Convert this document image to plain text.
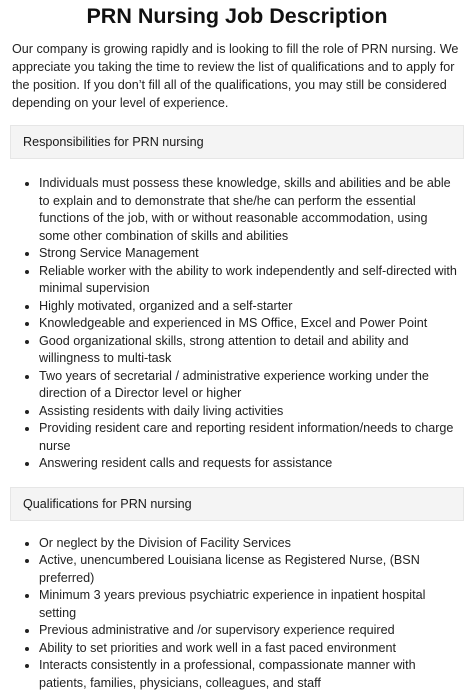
PRN Nursing Job Description

Our company is growing rapidly and is looking to fill the role of PRN nursing. We appreciate you taking the time to review the list of qualifications and to apply for the position. If you don’t fill all of the qualifications, you may still be considered depending on your level of experience.

Responsibilities for PRN nursing
Individuals must possess these knowledge, skills and abilities and be able to explain and to demonstrate that she/he can perform the essential functions of the job, with or without reasonable accommodation, using some other combination of skills and abilities
Strong Service Management
Reliable worker with the ability to work independently and self-directed with minimal supervision
Highly motivated, organized and a self-starter
Knowledgeable and experienced in MS Office, Excel and Power Point
Good organizational skills, strong attention to detail and ability and willingness to multi-task
Two years of secretarial / administrative experience working under the direction of a Director level or higher
Assisting residents with daily living activities
Providing resident care and reporting resident information/needs to charge nurse
Answering resident calls and requests for assistance
Qualifications for PRN nursing
Or neglect by the Division of Facility Services
Active, unencumbered Louisiana license as Registered Nurse, (BSN preferred)
Minimum 3 years previous psychiatric experience in inpatient hospital setting
Previous administrative and /or supervisory experience required
Ability to set priorities and work well in a fast paced environment
Interacts consistently in a professional, compassionate manner with patients, families, physicians, colleagues, and staff
